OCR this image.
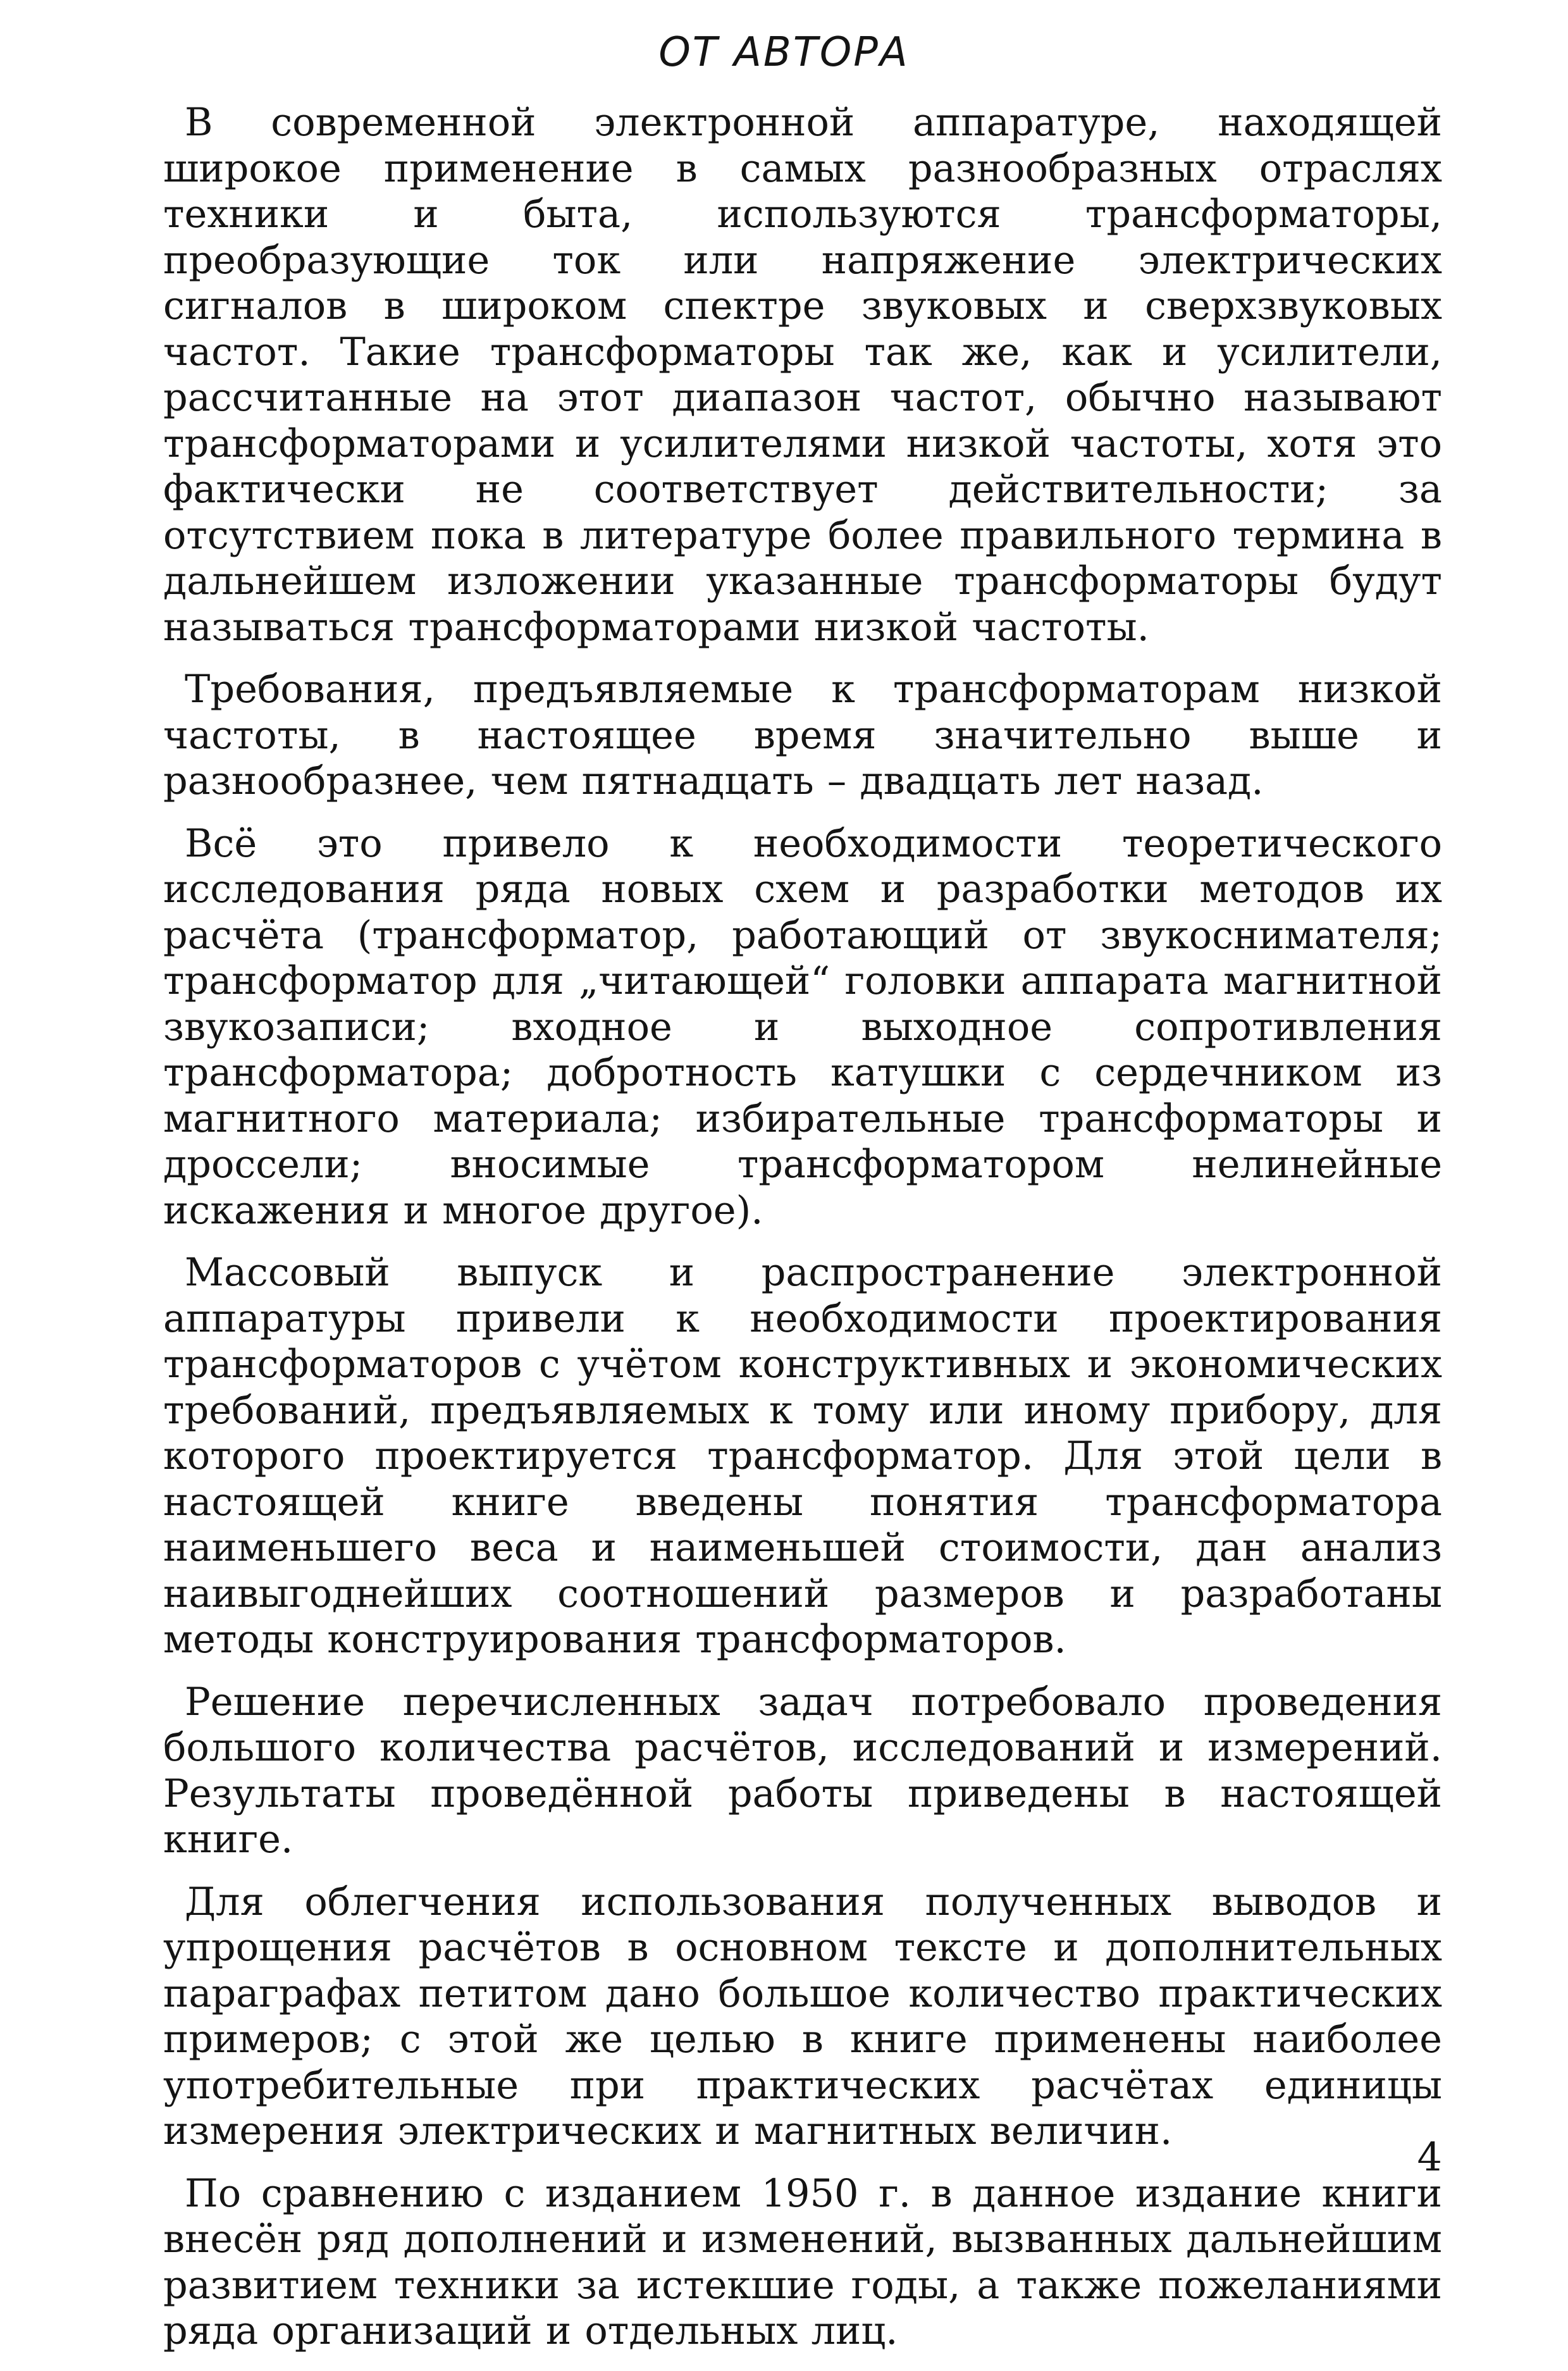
ОТ АВТОРА

В современной электронной аппаратуре, находящей широкое применение в самых разнообразных отраслях техники и быта, используются трансформаторы, преобразующие ток или напряжение электрических сигналов в широком спектре звуковых и сверхзвуковых частот. Такие трансформаторы так же, как и усилители, рассчитанные на этот диапазон частот, обычно называют трансформаторами и усилителями низкой частоты, хотя это фактически не соответствует действительности; за отсутствием пока в литературе более правильного термина в дальнейшем изложении указанные трансформаторы будут называться трансформаторами низкой частоты.

Требования, предъявляемые к трансформаторам низкой частоты, в настоящее время значительно выше и разнообразнее, чем пятнадцать – двадцать лет назад.

Всё это привело к необходимости теоретического исследования ряда новых схем и разработки методов их расчёта (трансформатор, работающий от звукоснимателя; трансформатор для „читающей“ головки аппарата магнитной звукозаписи; входное и выходное сопротивления трансформатора; добротность катушки с сердечником из магнитного материала; избирательные трансформаторы и дроссели; вносимые трансформатором нелинейные искажения и многое другое).

Массовый выпуск и распространение электронной аппаратуры привели к необходимости проектирования трансформаторов с учётом конструктивных и экономических требований, предъявляемых к тому или иному прибору, для которого проектируется трансформатор. Для этой цели в настоящей книге введены понятия трансформатора наименьшего веса и наименьшей стоимости, дан анализ наивыгоднейших соотношений размеров и разработаны методы конструирования трансформаторов.

Решение перечисленных задач потребовало проведения большого количества расчётов, исследований и измерений. Результаты проведённой работы приведены в настоящей книге.

Для облегчения использования полученных выводов и упрощения расчётов в основном тексте и дополнительных параграфах петитом дано большое количество практических примеров; с этой же целью в книге применены наиболее употребительные при практических расчётах единицы измерения электрических и магнитных величин.

По сравнению с изданием 1950 г. в данное издание книги внесён ряд дополнений и изменений, вызванных дальнейшим развитием техники за истекшие годы, а также пожеланиями ряда организаций и отдельных лиц.

4
